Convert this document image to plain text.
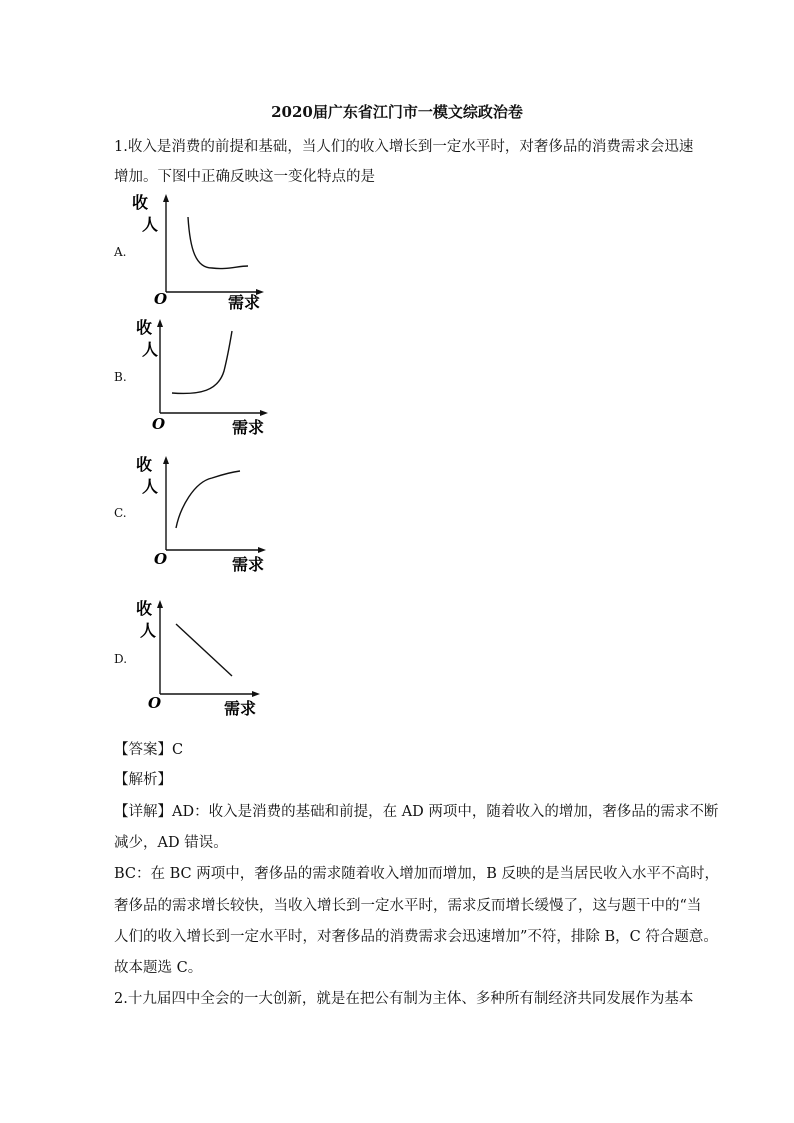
2020届广东省江门市一模文综政治卷
1.收入是消费的前提和基础，当人们的收入增长到一定水平时，对奢侈品的消费需求会迅速
增加。下图中正确反映这一变化特点的是
A.
收
人
O	需求
B.
收
人
O	需求
C.
收
人
O	需求
D.
收
人
O	需求
【答案】C
【解析】
【详解】AD：收入是消费的基础和前提，在 AD 两项中，随着收入的增加，奢侈品的需求不断
减少，AD 错误。
BC：在 BC 两项中，奢侈品的需求随着收入增加而增加，B 反映的是当居民收入水平不高时，
奢侈品的需求增长较快，当收入增长到一定水平时，需求反而增长缓慢了，这与题干中的“当
人们的收入增长到一定水平时，对奢侈品的消费需求会迅速增加”不符，排除 B，C 符合题意。
故本题选 C。
2.十九届四中全会的一大创新，就是在把公有制为主体、多种所有制经济共同发展作为基本
